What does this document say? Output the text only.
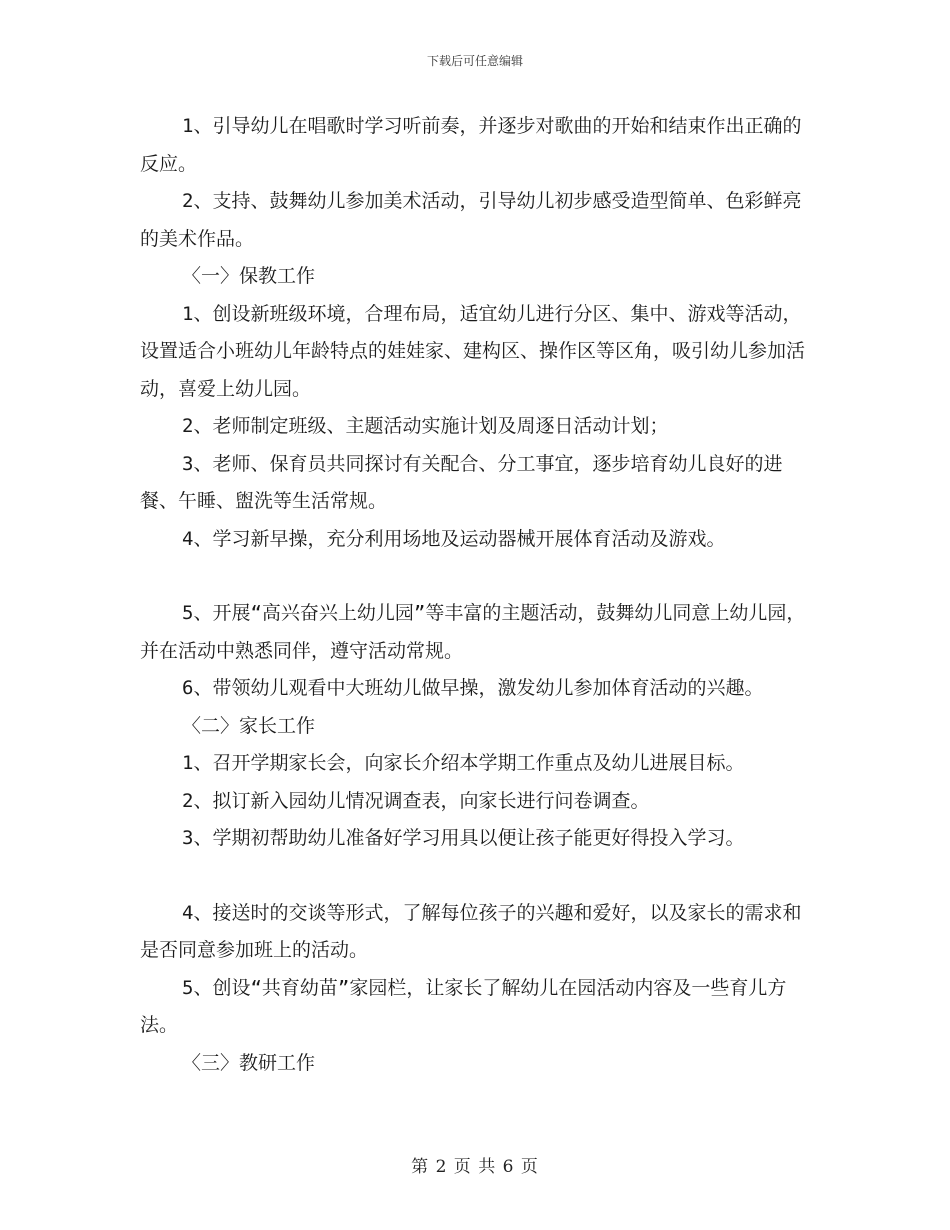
下载后可任意编辑

1、引导幼儿在唱歌时学习听前奏，并逐步对歌曲的开始和结束作出正确的反应。

2、支持、鼓舞幼儿参加美术活动，引导幼儿初步感受造型简单、色彩鲜亮的美术作品。

〈一〉保教工作

1、创设新班级环境，合理布局，适宜幼儿进行分区、集中、游戏等活动，设置适合小班幼儿年龄特点的娃娃家、建构区、操作区等区角，吸引幼儿参加活动，喜爱上幼儿园。

2、老师制定班级、主题活动实施计划及周逐日活动计划；

3、老师、保育员共同探讨有关配合、分工事宜，逐步培育幼儿良好的进餐、午睡、盥洗等生活常规。

4、学习新早操，充分利用场地及运动器械开展体育活动及游戏。

5、开展“高兴奋兴上幼儿园”等丰富的主题活动，鼓舞幼儿同意上幼儿园，并在活动中熟悉同伴，遵守活动常规。

6、带领幼儿观看中大班幼儿做早操，激发幼儿参加体育活动的兴趣。

〈二〉家长工作

1、召开学期家长会，向家长介绍本学期工作重点及幼儿进展目标。

2、拟订新入园幼儿情况调查表，向家长进行问卷调查。

3、学期初帮助幼儿准备好学习用具以便让孩子能更好得投入学习。

4、接送时的交谈等形式，了解每位孩子的兴趣和爱好，以及家长的需求和是否同意参加班上的活动。

5、创设“共育幼苗”家园栏，让家长了解幼儿在园活动内容及一些育儿方法。

〈三〉教研工作

第 2 页 共 6 页
